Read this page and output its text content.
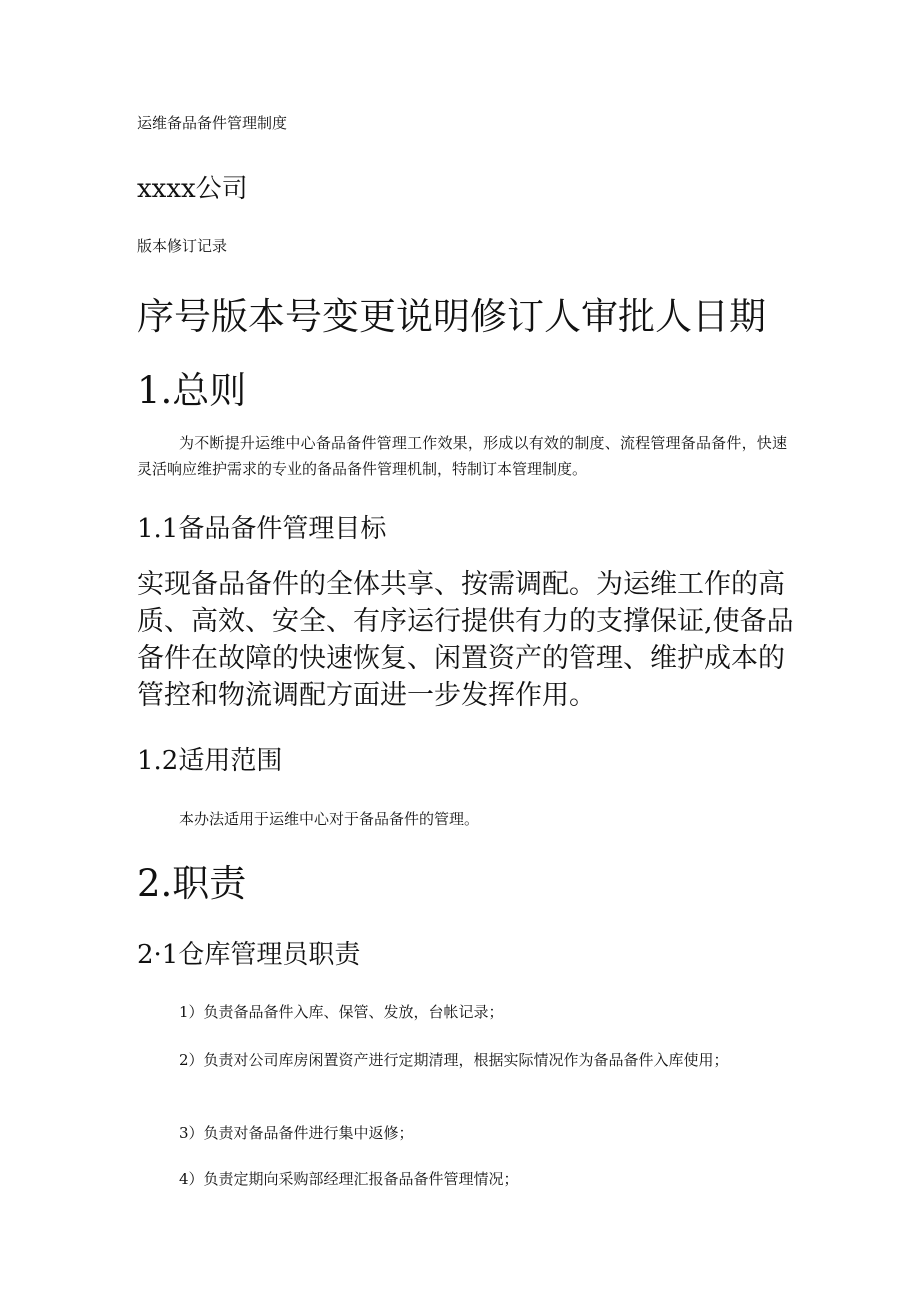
运维备品备件管理制度

xxxx公司

版本修订记录

序号版本号变更说明修订人审批人日期

1.总则

为不断提升运维中心备品备件管理工作效果，形成以有效的制度、流程管理备品备件，快速灵活响应维护需求的专业的备品备件管理机制，特制订本管理制度。

1.1备品备件管理目标

实现备品备件的全体共享、按需调配。为运维工作的高质、高效、安全、有序运行提供有力的支撑保证,使备品备件在故障的快速恢复、闲置资产的管理、维护成本的管控和物流调配方面进一步发挥作用。

1.2适用范围

本办法适用于运维中心对于备品备件的管理。

2.职责
2·1仓库管理员职责

1）负责备品备件入库、保管、发放，台帐记录；

2）负责对公司库房闲置资产进行定期清理，根据实际情况作为备品备件入库使用；

3）负责对备品备件进行集中返修；

4）负责定期向采购部经理汇报备品备件管理情况；
